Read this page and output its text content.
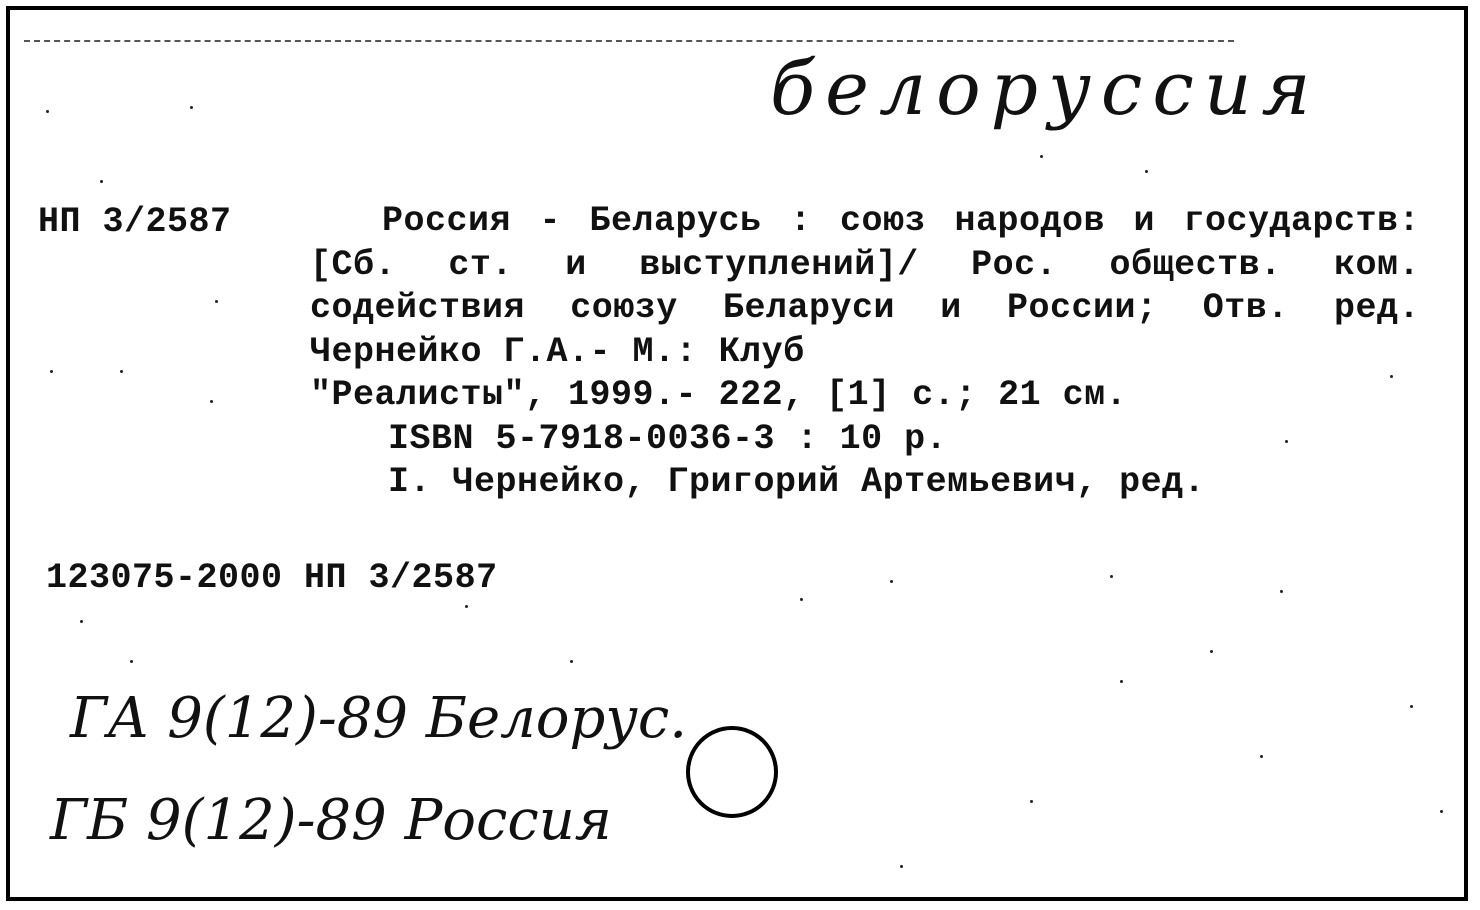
белоруссия
НП 3/2587	Россия - Беларусь : союз народов и государств: [Сб. ст. и выступлений]/ Рос. обществ. ком. содействия союзу Беларуси и России; Отв. ред. Чернейко Г.А.- М.: Клуб

"Реалисты", 1999.- 222, [1] с.; 21 см.

ISBN 5-7918-0036-3 : 10 р.

I. Чернейко, Григорий Артемьевич, ред.

123075-2000 НП 3/2587
ГА 9(12)-89 Белорус.
ГБ 9(12)-89 Россия
